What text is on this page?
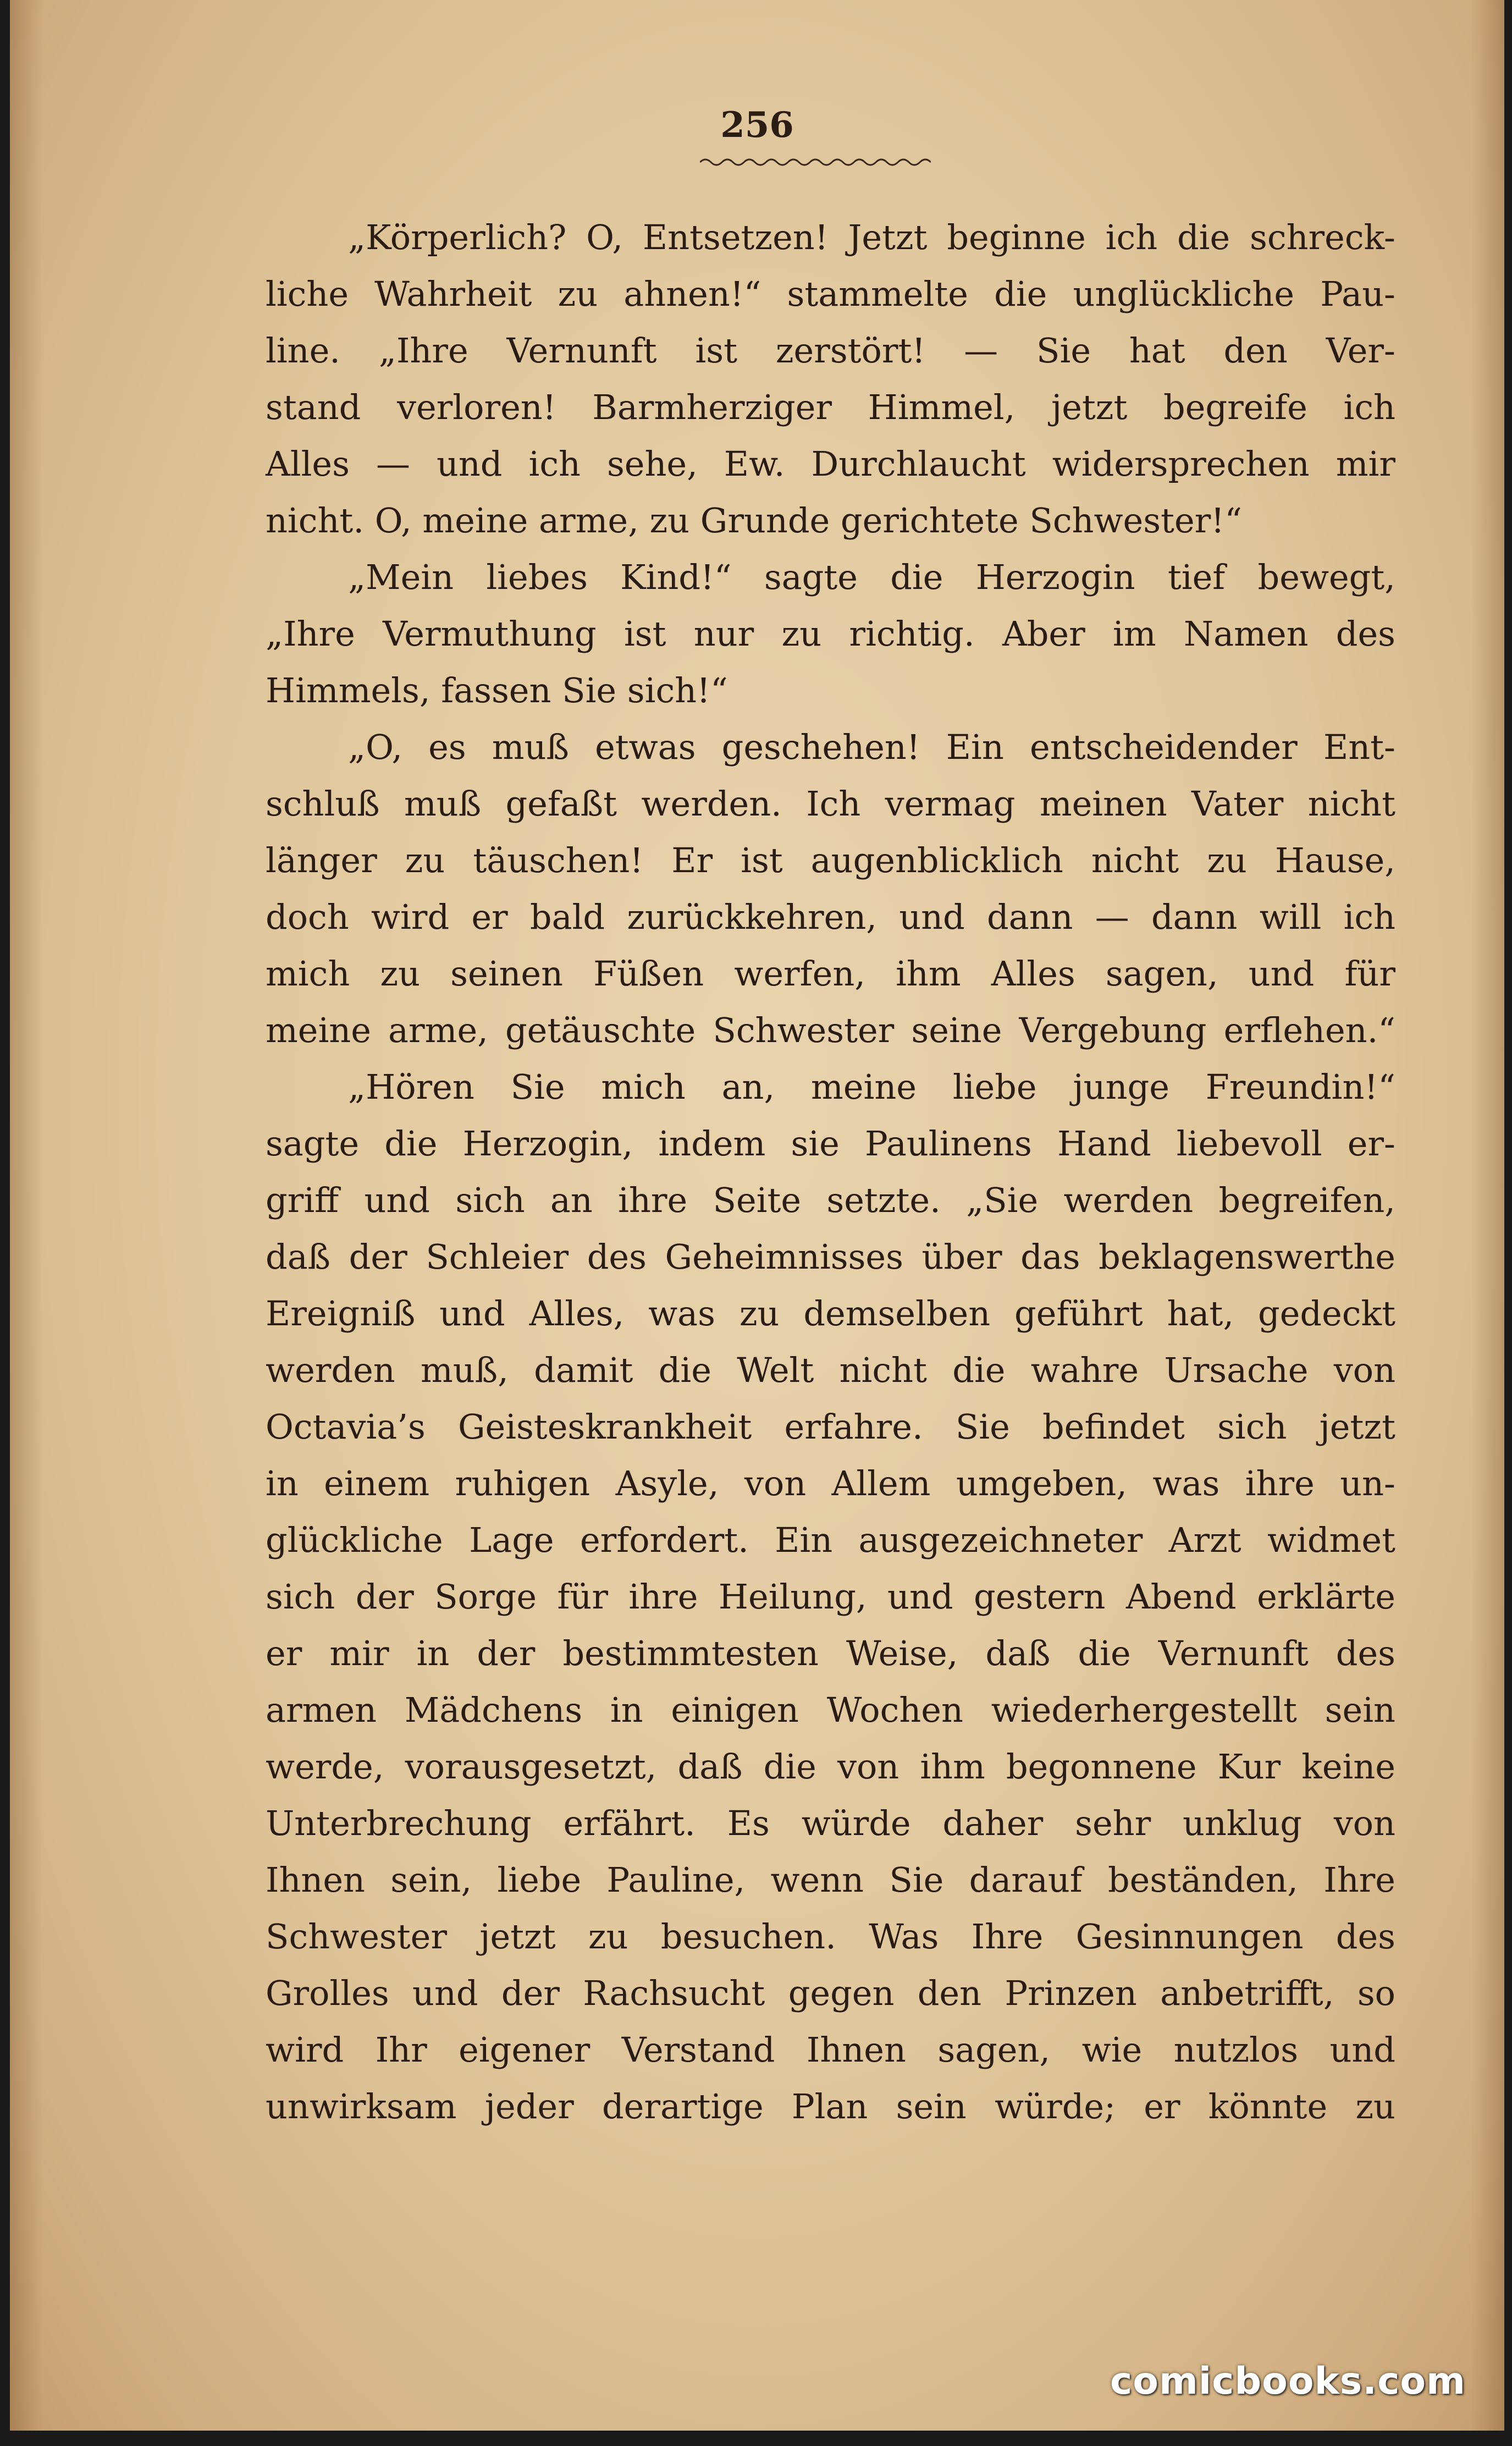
256
„Körperlich? O, Entsetzen! Jetzt beginne ich die schreck-
liche Wahrheit zu ahnen!“ stammelte die unglückliche Pau-
line. „Ihre Vernunft ist zerstört! — Sie hat den Ver-
stand verloren! Barmherziger Himmel, jetzt begreife ich
Alles — und ich sehe, Ew. Durchlaucht widersprechen mir
nicht. O, meine arme, zu Grunde gerichtete Schwester!“
„Mein liebes Kind!“ sagte die Herzogin tief bewegt,
„Ihre Vermuthung ist nur zu richtig. Aber im Namen des
Himmels, fassen Sie sich!“
„O, es muß etwas geschehen! Ein entscheidender Ent-
schluß muß gefaßt werden. Ich vermag meinen Vater nicht
länger zu täuschen! Er ist augenblicklich nicht zu Hause,
doch wird er bald zurückkehren, und dann — dann will ich
mich zu seinen Füßen werfen, ihm Alles sagen, und für
meine arme, getäuschte Schwester seine Vergebung erflehen.“
„Hören Sie mich an, meine liebe junge Freundin!“
sagte die Herzogin, indem sie Paulinens Hand liebevoll er-
griff und sich an ihre Seite setzte. „Sie werden begreifen,
daß der Schleier des Geheimnisses über das beklagenswerthe
Ereigniß und Alles, was zu demselben geführt hat, gedeckt
werden muß, damit die Welt nicht die wahre Ursache von
Octavia’s Geisteskrankheit erfahre. Sie befindet sich jetzt
in einem ruhigen Asyle, von Allem umgeben, was ihre un-
glückliche Lage erfordert. Ein ausgezeichneter Arzt widmet
sich der Sorge für ihre Heilung, und gestern Abend erklärte
er mir in der bestimmtesten Weise, daß die Vernunft des
armen Mädchens in einigen Wochen wiederhergestellt sein
werde, vorausgesetzt, daß die von ihm begonnene Kur keine
Unterbrechung erfährt. Es würde daher sehr unklug von
Ihnen sein, liebe Pauline, wenn Sie darauf beständen, Ihre
Schwester jetzt zu besuchen. Was Ihre Gesinnungen des
Grolles und der Rachsucht gegen den Prinzen anbetrifft, so
wird Ihr eigener Verstand Ihnen sagen, wie nutzlos und
unwirksam jeder derartige Plan sein würde; er könnte zu
comicbooks.com
